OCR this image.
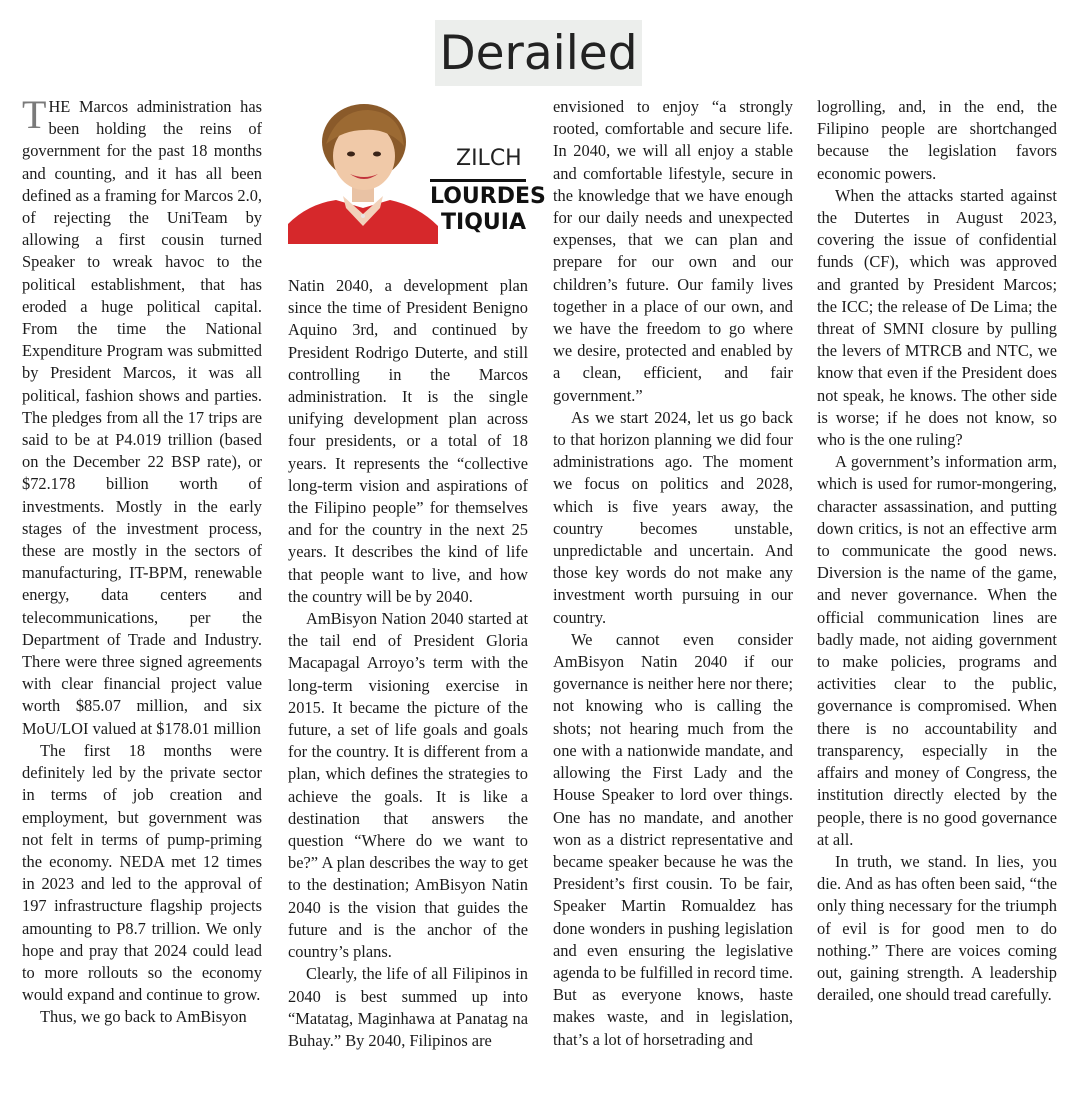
Derailed

THE Marcos administration has been holding the reins of government for the past 18 months and counting, and it has all been defined as a framing for Marcos 2.0, of rejecting the UniTeam by allowing a first cousin turned Speaker to wreak havoc to the political establishment, that has eroded a huge political capital. From the time the National Expenditure Program was submitted by President Marcos, it was all political, fashion shows and parties. The pledges from all the 17 trips are said to be at P4.019 trillion (based on the December 22 BSP rate), or $72.178 billion worth of investments. Mostly in the early stages of the investment process, these are mostly in the sectors of manufacturing, IT-BPM, renewable energy, data centers and telecommunications, per the Department of Trade and Industry. There were three signed agreements with clear financial project value worth $85.07 million, and six MoU/LOI valued at $178.01 million

The first 18 months were definitely led by the private sector in terms of job creation and employment, but government was not felt in terms of pump-priming the economy. NEDA met 12 times in 2023 and led to the approval of 197 infrastructure flagship projects amounting to P8.7 trillion. We only hope and pray that 2024 could lead to more rollouts so the economy would expand and continue to grow.

Thus, we go back to AmBisyon

ZILCH
LOURDES
TIQUIA

Natin 2040, a development plan since the time of President Benigno Aquino 3rd, and continued by President Rodrigo Duterte, and still controlling in the Marcos administration. It is the single unifying development plan across four presidents, or a total of 18 years. It represents the “collective long-term vision and aspirations of the Filipino people” for themselves and for the country in the next 25 years. It describes the kind of life that people want to live, and how the country will be by 2040.

AmBisyon Nation 2040 started at the tail end of President Gloria Macapagal Arroyo’s term with the long-term visioning exercise in 2015. It became the picture of the future, a set of life goals and goals for the country. It is different from a plan, which defines the strategies to achieve the goals. It is like a destination that answers the question “Where do we want to be?” A plan describes the way to get to the destination; AmBisyon Natin 2040 is the vision that guides the future and is the anchor of the country’s plans.

Clearly, the life of all Filipinos in 2040 is best summed up into “Matatag, Maginhawa at Panatag na Buhay.” By 2040, Filipinos are

envisioned to enjoy “a strongly rooted, comfortable and secure life. In 2040, we will all enjoy a stable and comfortable lifestyle, secure in the knowledge that we have enough for our daily needs and unexpected expenses, that we can plan and prepare for our own and our children’s future. Our family lives together in a place of our own, and we have the freedom to go where we desire, protected and enabled by a clean, efficient, and fair government.”

As we start 2024, let us go back to that horizon planning we did four administrations ago. The moment we focus on politics and 2028, which is five years away, the country becomes unstable, unpredictable and uncertain. And those key words do not make any investment worth pursuing in our country.

We cannot even consider AmBisyon Natin 2040 if our governance is neither here nor there; not knowing who is calling the shots; not hearing much from the one with a nationwide mandate, and allowing the First Lady and the House Speaker to lord over things. One has no mandate, and another won as a district representative and became speaker because he was the President’s first cousin. To be fair, Speaker Martin Romualdez has done wonders in pushing legislation and even ensuring the legislative agenda to be fulfilled in record time. But as everyone knows, haste makes waste, and in legislation, that’s a lot of horsetrading and

logrolling, and, in the end, the Filipino people are shortchanged because the legislation favors economic powers.

When the attacks started against the Dutertes in August 2023, covering the issue of confidential funds (CF), which was approved and granted by President Marcos; the ICC; the release of De Lima; the threat of SMNI closure by pulling the levers of MTRCB and NTC, we know that even if the President does not speak, he knows. The other side is worse; if he does not know, so who is the one ruling?

A government’s information arm, which is used for rumor-mongering, character assassination, and putting down critics, is not an effective arm to communicate the good news. Diversion is the name of the game, and never governance. When the official communication lines are badly made, not aiding government to make policies, programs and activities clear to the public, governance is compromised. When there is no accountability and transparency, especially in the affairs and money of Congress, the institution directly elected by the people, there is no good governance at all.

In truth, we stand. In lies, you die. And as has often been said, “the only thing necessary for the triumph of evil is for good men to do nothing.” There are voices coming out, gaining strength. A leadership derailed, one should tread carefully.
